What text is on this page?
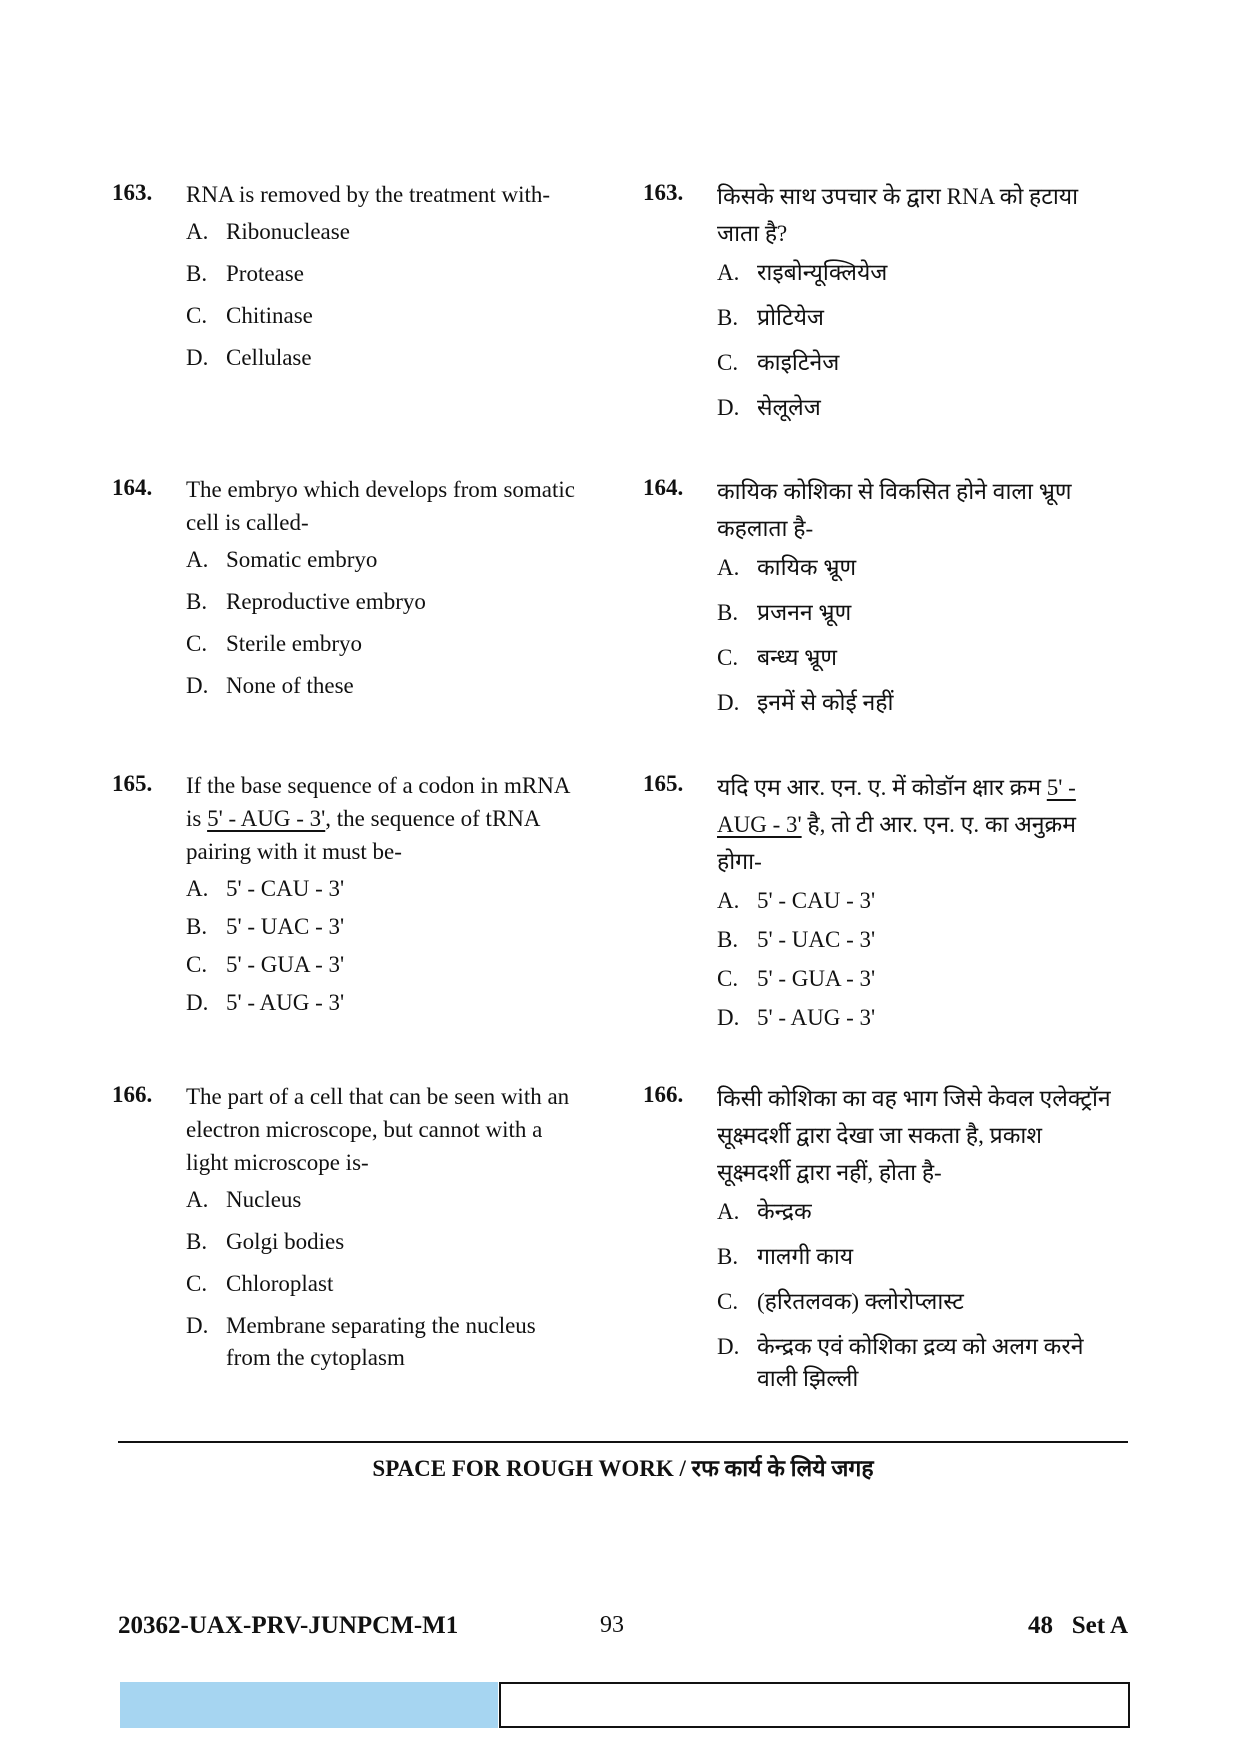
163. RNA is removed by the treatment with-
A. Ribonuclease
B. Protease
C. Chitinase
D. Cellulase
164. The embryo which develops from somatic cell is called-
A. Somatic embryo
B. Reproductive embryo
C. Sterile embryo
D. None of these
165. If the base sequence of a codon in mRNA is 5' - AUG - 3', the sequence of tRNA pairing with it must be-
A. 5' - CAU - 3'
B. 5' - UAC - 3'
C. 5' - GUA - 3'
D. 5' - AUG - 3'
166. The part of a cell that can be seen with an electron microscope, but cannot with a light microscope is-
A. Nucleus
B. Golgi bodies
C. Chloroplast
D. Membrane separating the nucleus from the cytoplasm
163. किसके साथ उपचार के द्वारा RNA को हटाया जाता है?
A. राइबोन्यूक्लियेज
B. प्रोटियेज
C. काइटिनेज
D. सेलूलेज
164. कायिक कोशिका से विकसित होने वाला भ्रूण कहलाता है-
A. कायिक भ्रूण
B. प्रजनन भ्रूण
C. बन्ध्य भ्रूण
D. इनमें से कोई नहीं
165. यदि एम आर. एन. ए. में कोडॉन क्षार क्रम 5' - AUG - 3' है, तो टी आर. एन. ए. का अनुक्रम होगा-
A. 5' - CAU - 3'
B. 5' - UAC - 3'
C. 5' - GUA - 3'
D. 5' - AUG - 3'
166. किसी कोशिका का वह भाग जिसे केवल एलेक्ट्रॉन सूक्ष्मदर्शी द्वारा देखा जा सकता है, प्रकाश सूक्ष्मदर्शी द्वारा नहीं, होता है-
A. केन्द्रक
B. गालगी काय
C. (हरितलवक) क्लोरोप्लास्ट
D. केन्द्रक एवं कोशिका द्रव्य को अलग करने वाली झिल्ली
SPACE FOR ROUGH WORK / रफ कार्य के लिये जगह
20362-UAX-PRV-JUNPCM-M1	93	48   Set A
